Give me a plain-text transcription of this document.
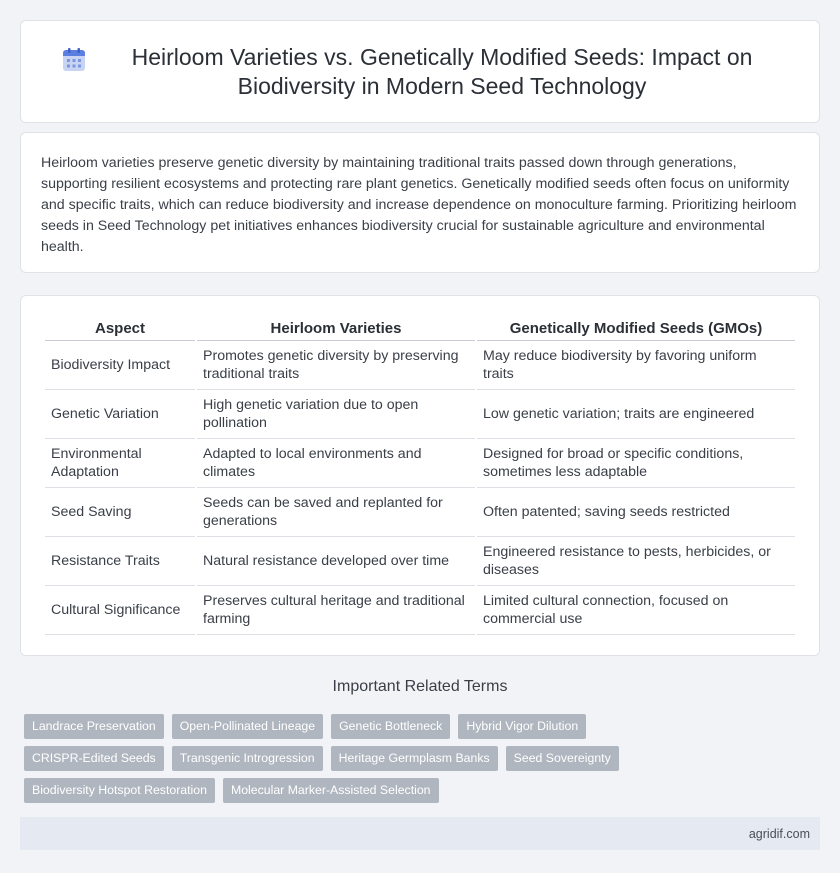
Heirloom Varieties vs. Genetically Modified Seeds: Impact on Biodiversity in Modern Seed Technology

Heirloom varieties preserve genetic diversity by maintaining traditional traits passed down through generations, supporting resilient ecosystems and protecting rare plant genetics. Genetically modified seeds often focus on uniformity and specific traits, which can reduce biodiversity and increase dependence on monoculture farming. Prioritizing heirloom seeds in Seed Technology pet initiatives enhances biodiversity crucial for sustainable agriculture and environmental health.

Aspect	Heirloom Varieties	Genetically Modified Seeds (GMOs)
Biodiversity Impact	Promotes genetic diversity by preserving traditional traits	May reduce biodiversity by favoring uniform traits
Genetic Variation	High genetic variation due to open pollination	Low genetic variation; traits are engineered
Environmental Adaptation	Adapted to local environments and climates	Designed for broad or specific conditions, sometimes less adaptable
Seed Saving	Seeds can be saved and replanted for generations	Often patented; saving seeds restricted
Resistance Traits	Natural resistance developed over time	Engineered resistance to pests, herbicides, or diseases
Cultural Significance	Preserves cultural heritage and traditional farming	Limited cultural connection, focused on commercial use
Important Related Terms
Landrace Preservation	Open-Pollinated Lineage	Genetic Bottleneck	Hybrid Vigor Dilution
CRISPR-Edited Seeds	Transgenic Introgression	Heritage Germplasm Banks	Seed Sovereignty
Biodiversity Hotspot Restoration	Molecular Marker-Assisted Selection
agridif.com
